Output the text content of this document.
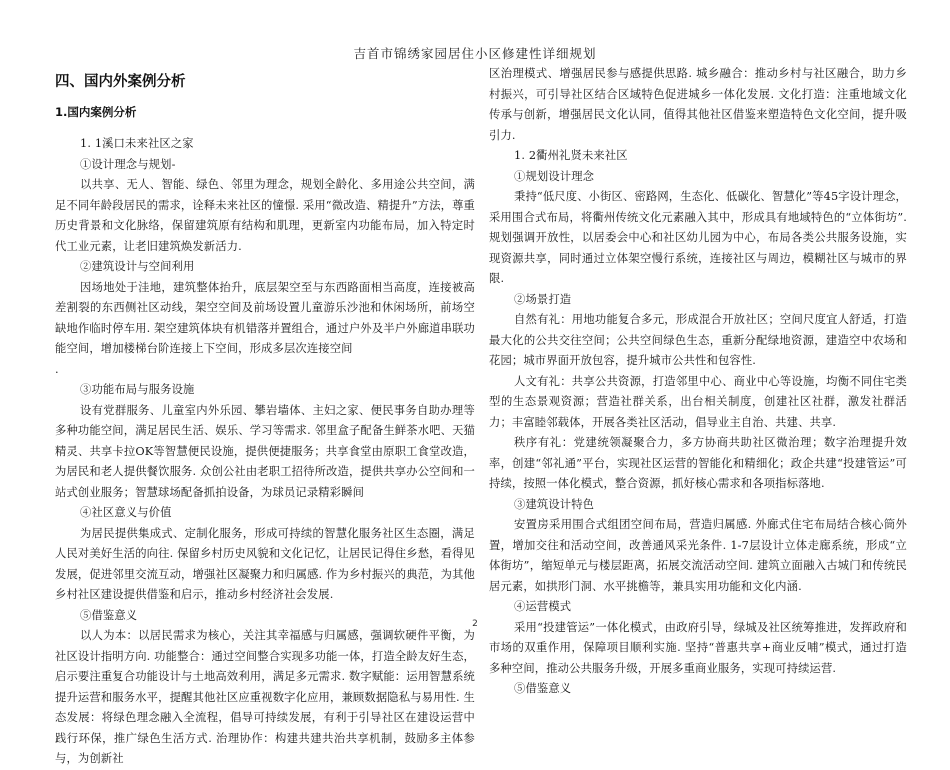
吉首市锦绣家园居住小区修建性详细规划
四、国内外案例分析
1.国内案例分析

1. 1溪口未来社区之家

①设计理念与规划-

以共享、无人、智能、绿色、邻里为理念，规划全龄化、多用途公共空间，满足不同年龄段居民的需求，诠释未来社区的憧憬. 采用“微改造、精提升”方法，尊重历史背景和文化脉络，保留建筑原有结构和肌理，更新室内功能布局，加入特定时代工业元素，让老旧建筑焕发新活力.

②建筑设计与空间利用

因场地处于洼地，建筑整体抬升，底层架空至与东西路面相当高度，连接被高差割裂的东西侧社区动线，架空空间及前场设置儿童游乐沙池和休闲场所，前场空缺地作临时停车用. 架空建筑体块有机错落并置组合，通过户外及半户外廊道串联功能空间，增加楼梯台阶连接上下空间，形成多层次连接空间

.

③功能布局与服务设施

设有党群服务、儿童室内外乐园、攀岩墙体、主妇之家、便民事务自助办理等多种功能空间，满足居民生活、娱乐、学习等需求. 邻里盒子配备生鲜茶水吧、天猫精灵、共享卡拉OK等智慧便民设施，提供便捷服务；共享食堂由原职工食堂改造，为居民和老人提供餐饮服务. 众创公社由老职工招待所改造，提供共享办公空间和一站式创业服务；智慧球场配备抓拍设备，为球员记录精彩瞬间

④社区意义与价值

为居民提供集成式、定制化服务，形成可持续的智慧化服务社区生态圈，满足人民对美好生活的向往. 保留乡村历史风貌和文化记忆，让居民记得住乡愁，看得见发展，促进邻里交流互动，增强社区凝聚力和归属感. 作为乡村振兴的典范，为其他乡村社区建设提供借鉴和启示，推动乡村经济社会发展.

⑤借鉴意义

以人为本：以居民需求为核心，关注其幸福感与归属感，强调软硬件平衡，为社区设计指明方向. 功能整合：通过空间整合实现多功能一体，打造全龄友好生态，启示要注重复合功能设计与土地高效利用，满足多元需求. 数字赋能：运用智慧系统提升运营和服务水平，提醒其他社区应重视数字化应用，兼顾数据隐私与易用性. 生态发展：将绿色理念融入全流程，倡导可持续发展，有利于引导社区在建设运营中践行环保，推广绿色生活方式. 治理协作：构建共建共治共享机制，鼓励多主体参与，为创新社

区治理模式、增强居民参与感提供思路. 城乡融合：推动乡村与社区融合，助力乡村振兴，可引导社区结合区域特色促进城乡一体化发展. 文化打造：注重地域文化传承与创新，增强居民文化认同，值得其他社区借鉴来塑造特色文化空间，提升吸引力.

1. 2衢州礼贤未来社区

①规划设计理念

秉持“低尺度、小街区、密路网，生态化、低碳化、智慧化”等45字设计理念，采用围合式布局，将衢州传统文化元素融入其中，形成具有地域特色的“立体街坊”. 规划强调开放性，以居委会中心和社区幼儿园为中心，布局各类公共服务设施，实现资源共享，同时通过立体架空慢行系统，连接社区与周边，模糊社区与城市的界限.

②场景打造

自然有礼：用地功能复合多元，形成混合开放社区；空间尺度宜人舒适，打造最大化的公共交往空间；公共空间绿色生态，重新分配绿地资源，建造空中农场和花园；城市界面开放包容，提升城市公共性和包容性.

人文有礼：共享公共资源，打造邻里中心、商业中心等设施，均衡不同住宅类型的生态景观资源；营造社群关系，出台相关制度，创建社区社群，激发社群活力；丰富睦邻载体，开展各类社区活动，倡导业主自治、共建、共享.

秩序有礼：党建统领凝聚合力，多方协商共助社区微治理；数字治理提升效率，创建“邻礼通”平台，实现社区运营的智能化和精细化；政企共建“投建管运”可持续，按照一体化模式，整合资源，抓好核心需求和各项指标落地.

③建筑设计特色

安置房采用围合式组团空间布局，营造归属感. 外廊式住宅布局结合核心筒外置，增加交往和活动空间，改善通风采光条件. 1-7层设计立体走廊系统，形成“立体街坊”，缩短单元与楼层距离，拓展交流活动空间. 建筑立面融入古城门和传统民居元素，如拱形门洞、水平挑檐等，兼具实用功能和文化内涵.

④运营模式

采用“投建管运”一体化模式，由政府引导，绿城及社区统筹推进，发挥政府和市场的双重作用，保障项目顺利实施. 坚持“普惠共享+商业反哺”模式，通过打造多种空间，推动公共服务升级，开展多重商业服务，实现可持续运营.

⑤借鉴意义

2
